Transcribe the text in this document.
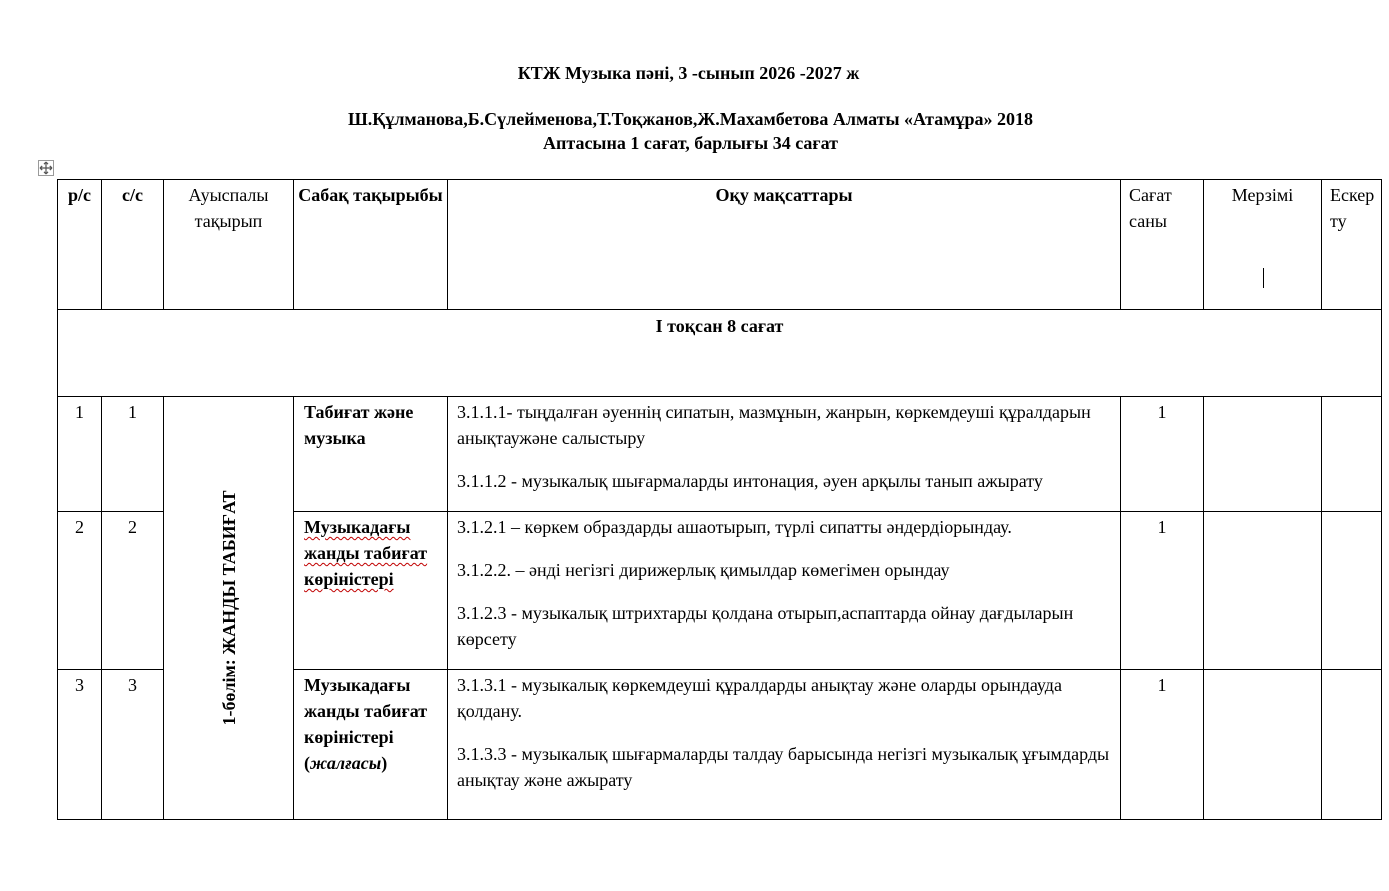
КТЖ Музыка пәні, 3 -сынып 2026 -2027 ж
Ш.Құлманова,Б.Сүлейменова,Т.Тоқжанов,Ж.Махамбетова Алматы «Атамұра» 2018
Аптасына 1 сағат, барлығы 34 сағат
р/с	с/с	Ауыспалы тақырып	Сабақ тақырыбы	Оқу мақсаттары	Сағат саны	Мерзімі	Ескерту
I тоқсан 8 сағат							
1	1	1-бөлім: ЖАНДЫ ТАБИҒАТ	Табиғат және музыка	3.1.1.1- тыңдалған әуеннің сипатын, мазмұнын, жанрын, көркемдеуші құралдарын анықтаужәне салыстыру

3.1.1.2 - музыкалық шығармаларды интонация, әуен арқылы танып ажырату	1		
2	2		Музыкадағы жанды табиғат көріністері	3.1.2.1 – көркем образдарды ашаотырып, түрлі сипатты әндердіорындау.

3.1.2.2. – әнді негізгі дирижерлық қимылдар көмегімен орындау

3.1.2.3 - музыкалық штрихтарды қолдана отырып,аспаптарда ойнау дағдыларын көрсету	1		
3	3		Музыкадағы жанды табиғат көріністері (жалғасы)	3.1.3.1 - музыкалық көркемдеуші құралдарды анықтау және оларды орындауда қолдану.

3.1.3.3 - музыкалық шығармаларды талдау барысында негізгі музыкалық ұғымдарды анықтау және ажырату	1		
